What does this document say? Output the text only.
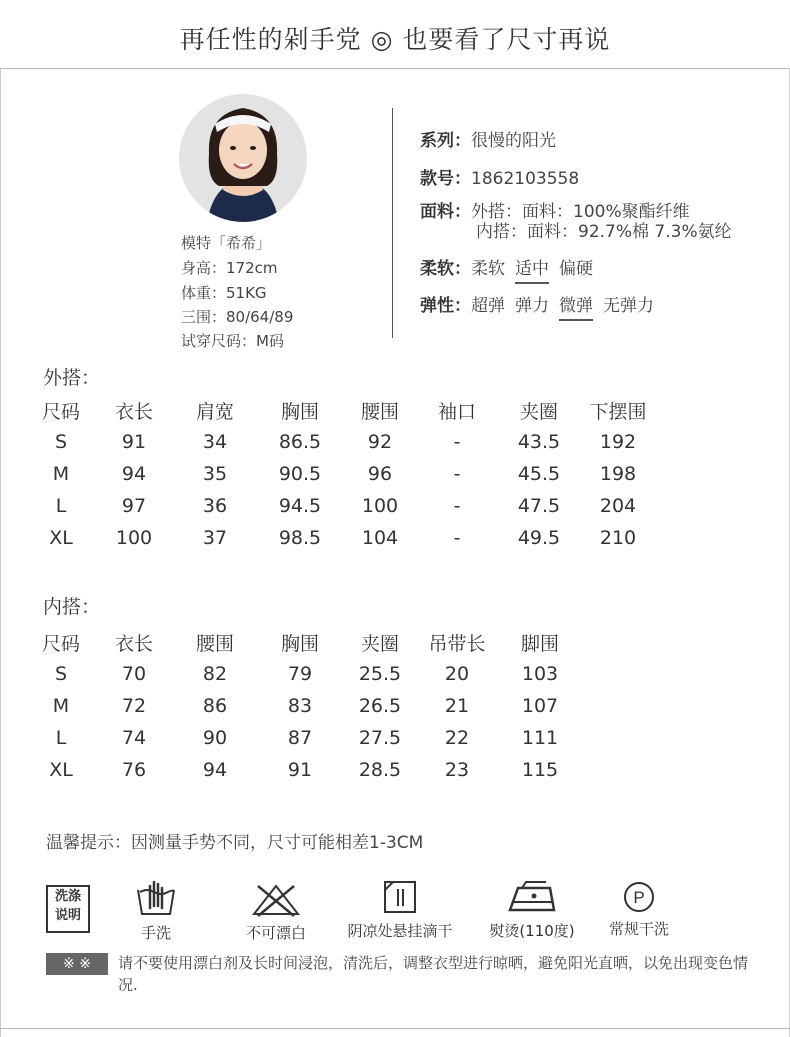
再任性的剁手党 ◎ 也要看了尺寸再说
模特「希希」
身高：172cm
体重：51KG
三围：80/64/89
试穿尺码：M码
系列：很慢的阳光
款号：1862103558
面料：外搭：面料：100%聚酯纤维
内搭：面料：92.7%棉 7.3%氨纶
柔软：柔软 适中 偏硬
弹性：超弹 弹力 微弹 无弹力
外搭：
尺码	衣长	肩宽	胸围	腰围	袖口	夹圈	下摆围
S	91	34	86.5	92	-	43.5	192
M	94	35	90.5	96	-	45.5	198
L	97	36	94.5	100	-	47.5	204
XL	100	37	98.5	104	-	49.5	210
内搭：
尺码	衣长	腰围	胸围	夹圈	吊带长	脚围
S	70	82	79	25.5	20	103
M	72	86	83	26.5	21	107
L	74	90	87	27.5	22	111
XL	76	94	91	28.5	23	115
温馨提示：因测量手势不同，尺寸可能相差1-3CM
洗涤
说明
手洗	不可漂白	阴凉处悬挂滴干	熨烫(110度)
P
常规干洗
※ ※	请不要使用漂白剂及长时间浸泡，清洗后，调整衣型进行晾晒，避免阳光直晒，以免出现变色情况.
